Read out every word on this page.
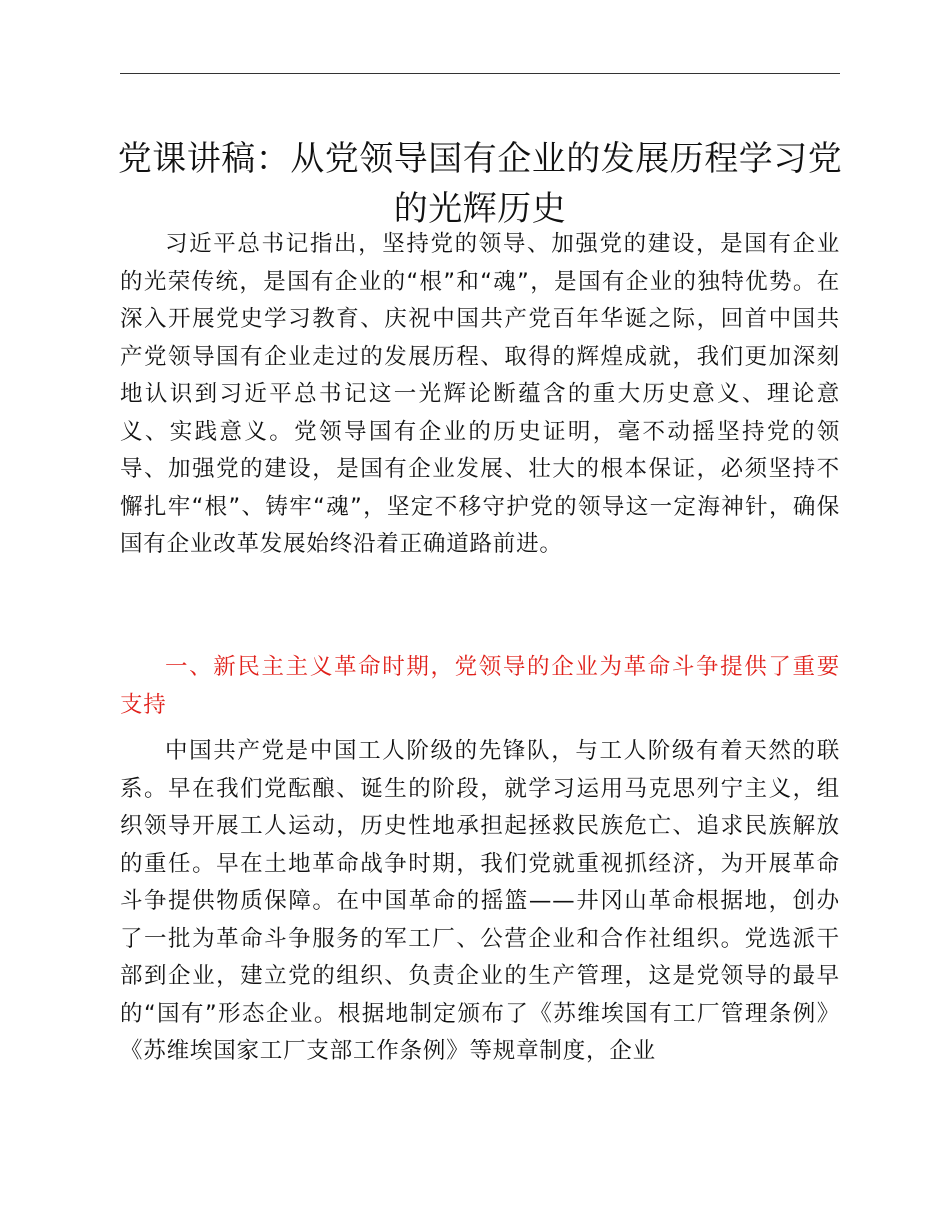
党课讲稿：从党领导国有企业的发展历程学习党的光辉历史

习近平总书记指出，坚持党的领导、加强党的建设，是国有企业的光荣传统，是国有企业的“根”和“魂”，是国有企业的独特优势。在深入开展党史学习教育、庆祝中国共产党百年华诞之际，回首中国共产党领导国有企业走过的发展历程、取得的辉煌成就，我们更加深刻地认识到习近平总书记这一光辉论断蕴含的重大历史意义、理论意义、实践意义。党领导国有企业的历史证明，毫不动摇坚持党的领导、加强党的建设，是国有企业发展、壮大的根本保证，必须坚持不懈扎牢“根”、铸牢“魂”，坚定不移守护党的领导这一定海神针，确保国有企业改革发展始终沿着正确道路前进。

一、新民主主义革命时期，党领导的企业为革命斗争提供了重要支持

中国共产党是中国工人阶级的先锋队，与工人阶级有着天然的联系。早在我们党酝酿、诞生的阶段，就学习运用马克思列宁主义，组织领导开展工人运动，历史性地承担起拯救民族危亡、追求民族解放的重任。早在土地革命战争时期，我们党就重视抓经济，为开展革命斗争提供物质保障。在中国革命的摇篮——井冈山革命根据地，创办了一批为革命斗争服务的军工厂、公营企业和合作社组织。党选派干部到企业，建立党的组织、负责企业的生产管理，这是党领导的最早的“国有”形态企业。根据地制定颁布了《苏维埃国有工厂管理条例》《苏维埃国家工厂支部工作条例》等规章制度，企业
